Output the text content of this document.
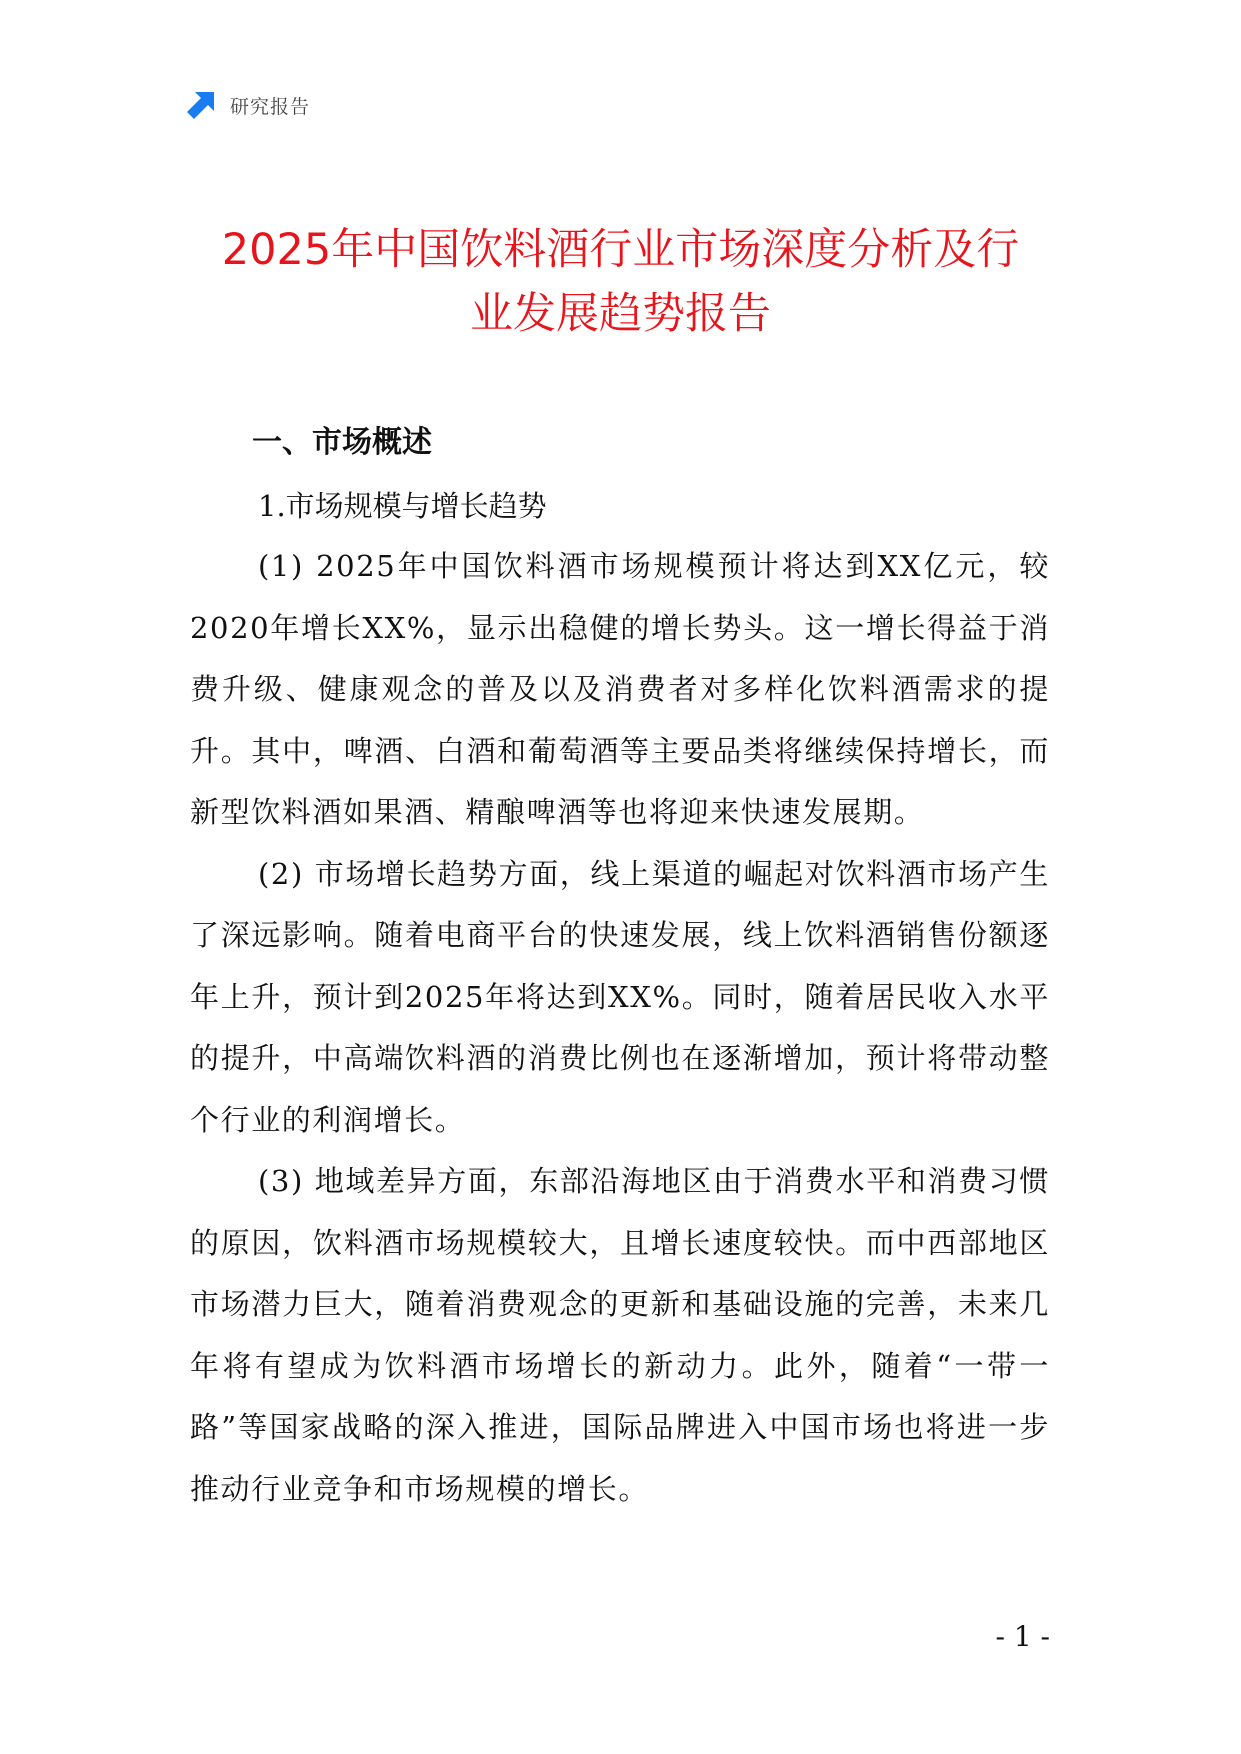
研究报告
2025年中国饮料酒行业市场深度分析及行
业发展趋势报告
一、市场概述
1.市场规模与增长趋势

(1) 2025年中国饮料酒市场规模预计将达到XX亿元，较2020年增长XX%，显示出稳健的增长势头。这一增长得益于消费升级、健康观念的普及以及消费者对多样化饮料酒需求的提升。其中，啤酒、白酒和葡萄酒等主要品类将继续保持增长，而新型饮料酒如果酒、精酿啤酒等也将迎来快速发展期。

(2) 市场增长趋势方面，线上渠道的崛起对饮料酒市场产生了深远影响。随着电商平台的快速发展，线上饮料酒销售份额逐年上升，预计到2025年将达到XX%。同时，随着居民收入水平的提升，中高端饮料酒的消费比例也在逐渐增加，预计将带动整个行业的利润增长。

(3) 地域差异方面，东部沿海地区由于消费水平和消费习惯的原因，饮料酒市场规模较大，且增长速度较快。而中西部地区市场潜力巨大，随着消费观念的更新和基础设施的完善，未来几年将有望成为饮料酒市场增长的新动力。此外，随着“一带一路”等国家战略的深入推进，国际品牌进入中国市场也将进一步推动行业竞争和市场规模的增长。

- 1 -
